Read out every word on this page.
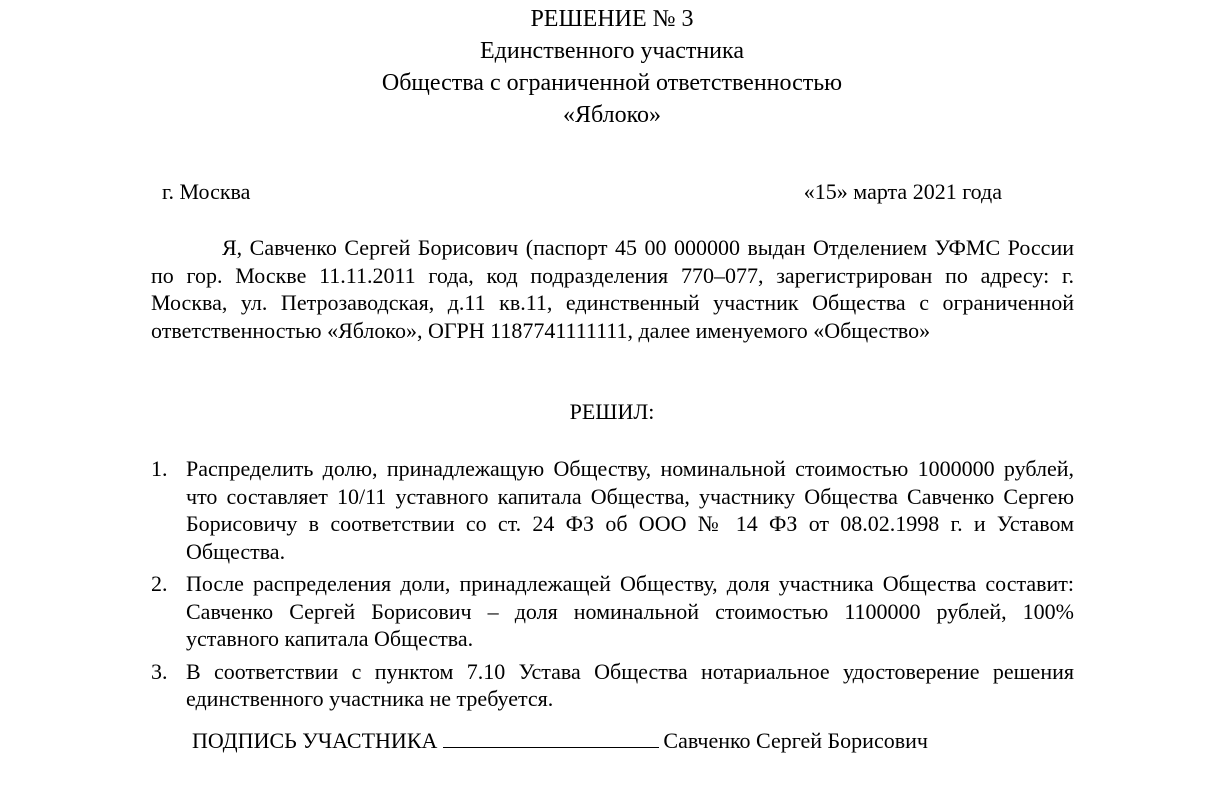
РЕШЕНИЕ № 3
Единственного участника
Общества с ограниченной ответственностью
«Яблоко»
г. Москва	«15» марта 2021 года

Я, Савченко Сергей Борисович (паспорт 45 00 000000 выдан Отделением УФМС России по гор. Москве 11.11.2011 года, код подразделения 770–077, зарегистрирован по адресу: г. Москва, ул. Петрозаводская, д.11 кв.11, единственный участник Общества с ограниченной ответственностью «Яблоко», ОГРН 1187741111111, далее именуемого «Общество»

РЕШИЛ:
1. Распределить долю, принадлежащую Обществу, номинальной стоимостью 1000000 рублей, что составляет 10/11 уставного капитала Общества, участнику Общества Савченко Сергею Борисовичу в соответствии со ст. 24 ФЗ об ООО № 14 ФЗ от 08.02.1998 г. и Уставом Общества.
2. После распределения доли, принадлежащей Обществу, доля участника Общества составит: Савченко Сергей Борисович – доля номинальной стоимостью 1100000 рублей, 100% уставного капитала Общества.
3. В соответствии с пунктом 7.10 Устава Общества нотариальное удостоверение решения единственного участника не требуется.
ПОДПИСЬ УЧАСТНИКА	Савченко Сергей Борисович
